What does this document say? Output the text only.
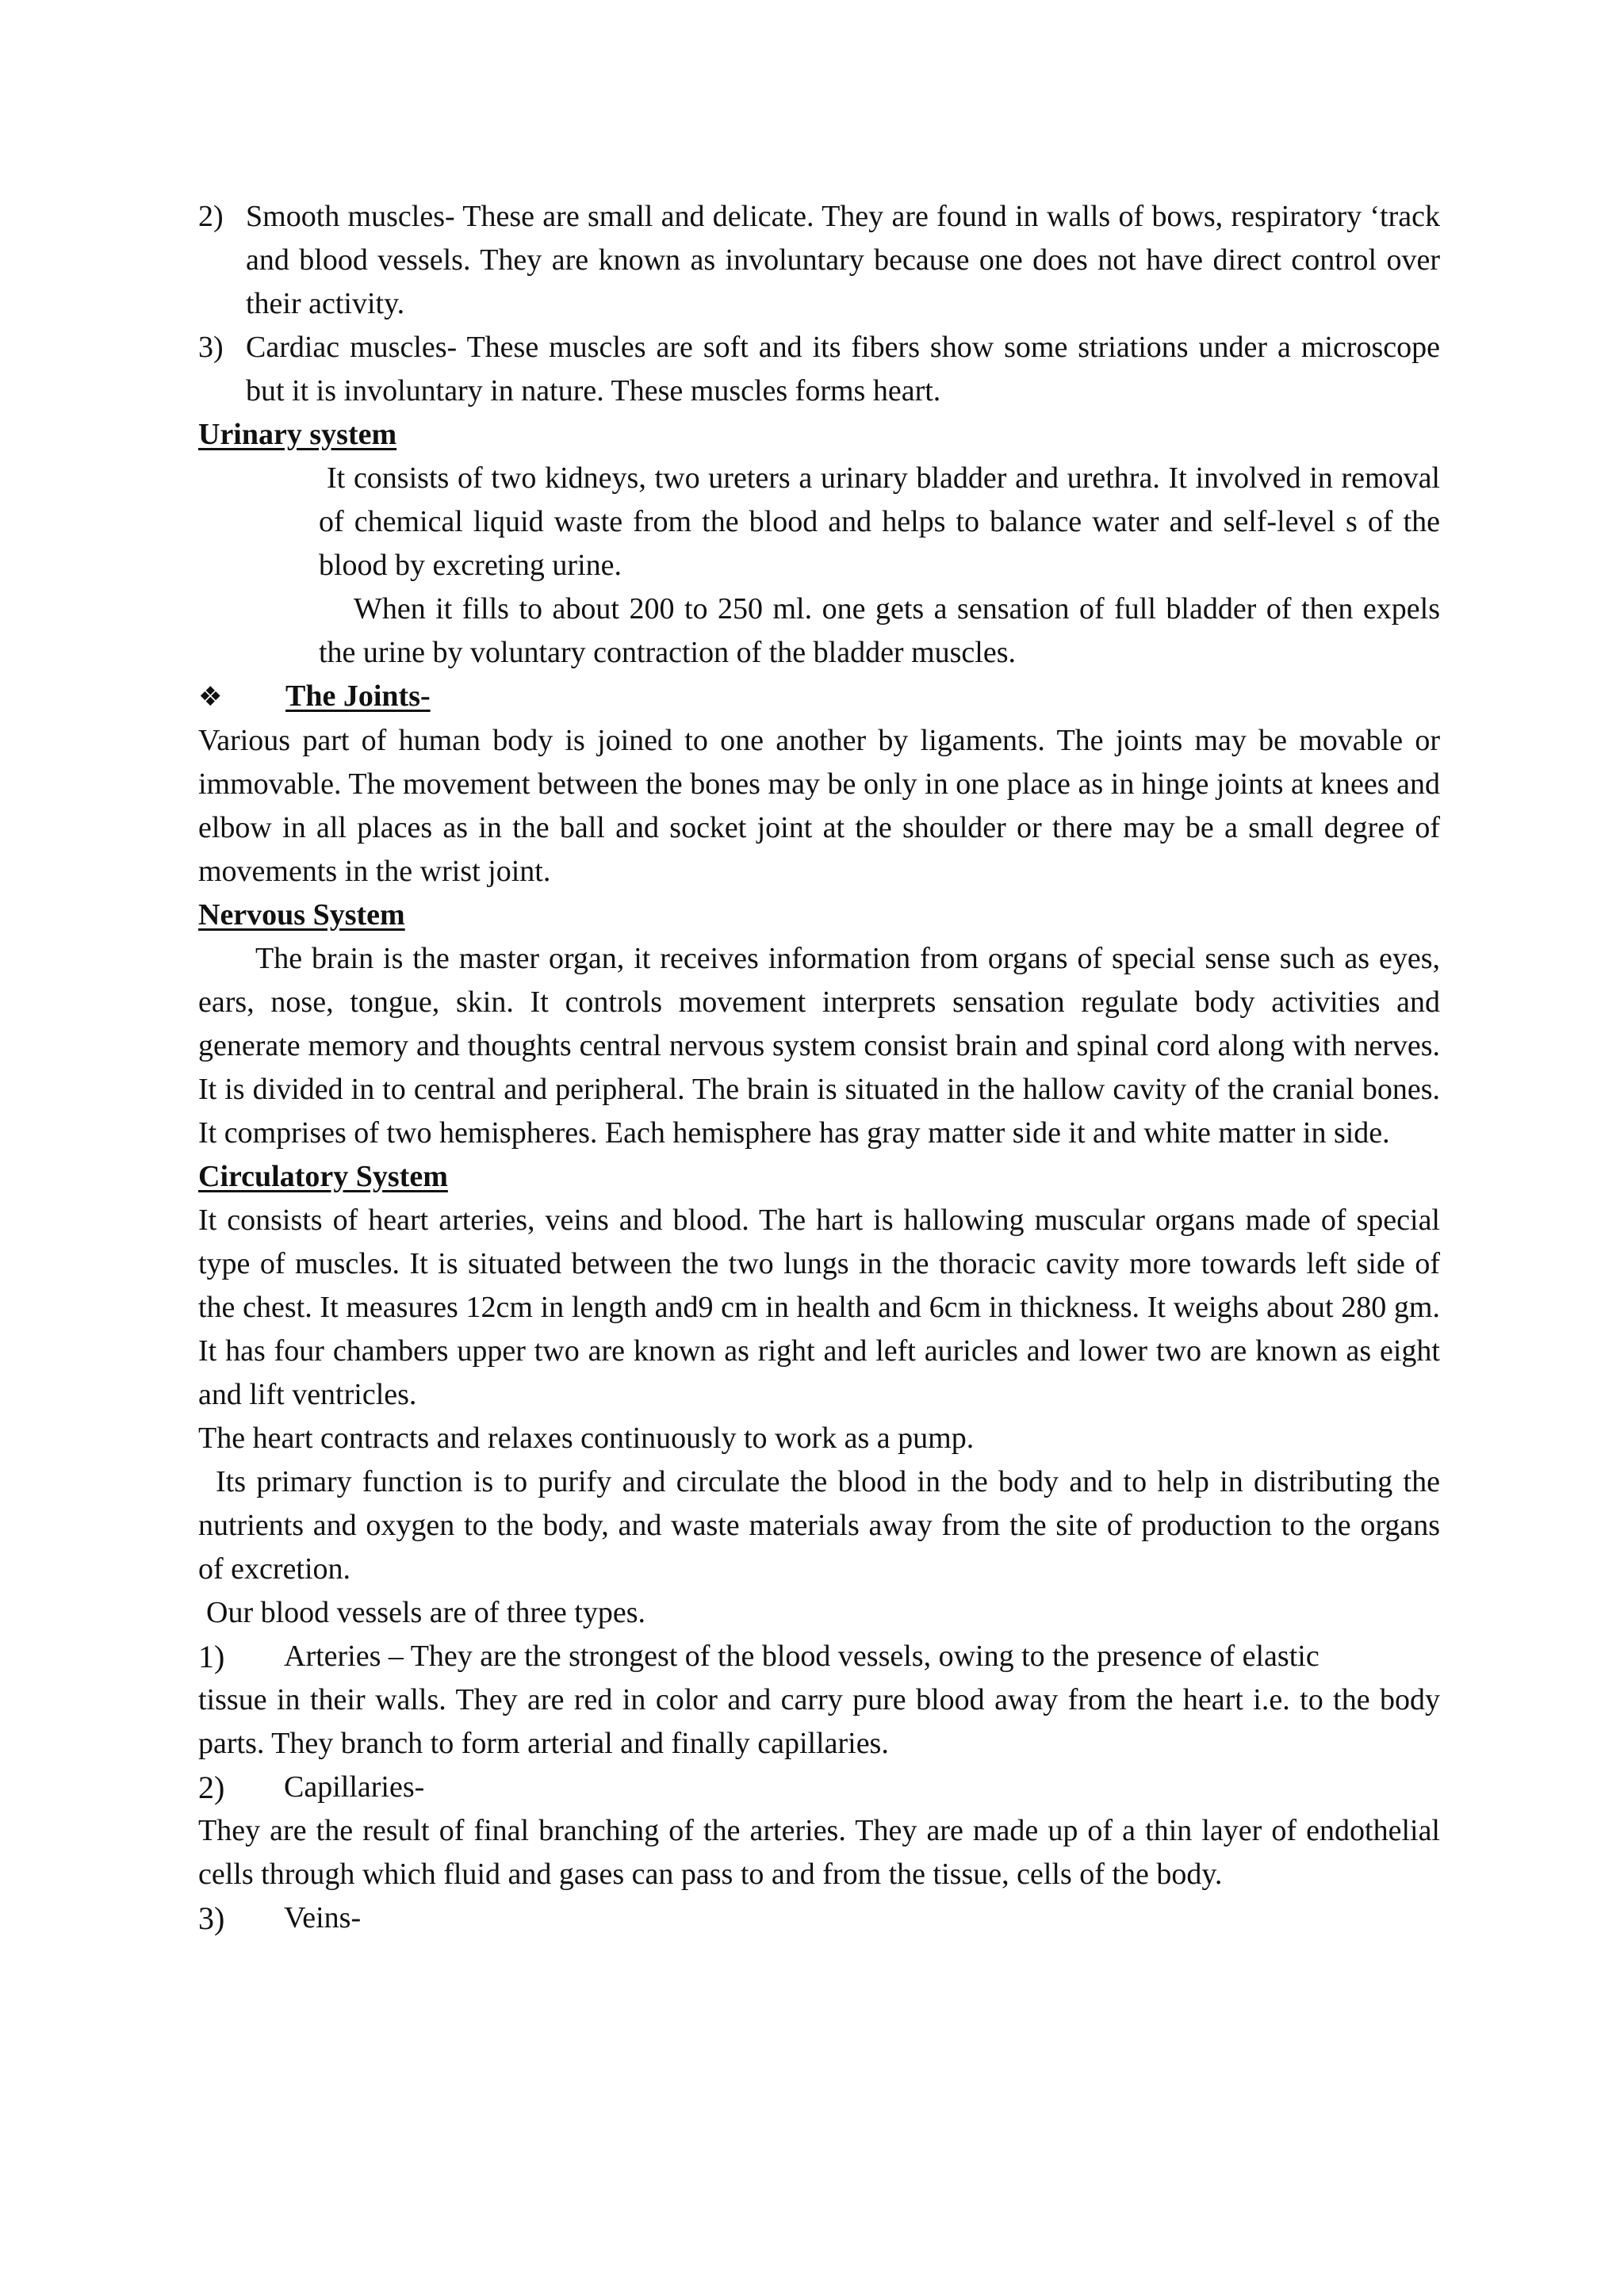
2) Smooth muscles- These are small and delicate. They are found in walls of bows, respiratory ‘track and blood vessels. They are known as involuntary because one does not have direct control over their activity.
3) Cardiac muscles- These muscles are soft and its fibers show some striations under a microscope but it is involuntary in nature. These muscles forms heart.

Urinary system

It consists of two kidneys, two ureters a urinary bladder and urethra. It involved in removal of chemical liquid waste from the blood and helps to balance water and self-level s of the blood by excreting urine.

When it fills to about 200 to 250 ml. one gets a sensation of full bladder of then expels the urine by voluntary contraction of the bladder muscles.

❖	The Joints-

Various part of human body is joined to one another by ligaments. The joints may be movable or immovable. The movement between the bones may be only in one place as in hinge joints at knees and elbow in all places as in the ball and socket joint at the shoulder or there may be a small degree of movements in the wrist joint.

Nervous System

The brain is the master organ, it receives information from organs of special sense such as eyes, ears, nose, tongue, skin. It controls movement interprets sensation regulate body activities and generate memory and thoughts central nervous system consist brain and spinal cord along with nerves. It is divided in to central and peripheral. The brain is situated in the hallow cavity of the cranial bones. It comprises of two hemispheres. Each hemisphere has gray matter side it and white matter in side.

Circulatory System

It consists of heart arteries, veins and blood. The hart is hallowing muscular organs made of special type of muscles. It is situated between the two lungs in the thoracic cavity more towards left side of the chest. It measures 12cm in length and9 cm in health and 6cm in thickness. It weighs about 280 gm. It has four chambers upper two are known as right and left auricles and lower two are known as eight and lift ventricles.

The heart contracts and relaxes continuously to work as a pump.

Its primary function is to purify and circulate the blood in the body and to help in distributing the nutrients and oxygen to the body, and waste materials away from the site of production to the organs of excretion.

Our blood vessels are of three types.

1)	Arteries – They are the strongest of the blood vessels, owing to the presence of elastic

tissue in their walls. They are red in color and carry pure blood away from the heart i.e. to the body parts. They branch to form arterial and finally capillaries.

2)	Capillaries-

They are the result of final branching of the arteries. They are made up of a thin layer of endothelial cells through which fluid and gases can pass to and from the tissue, cells of the body.

3)	Veins-
